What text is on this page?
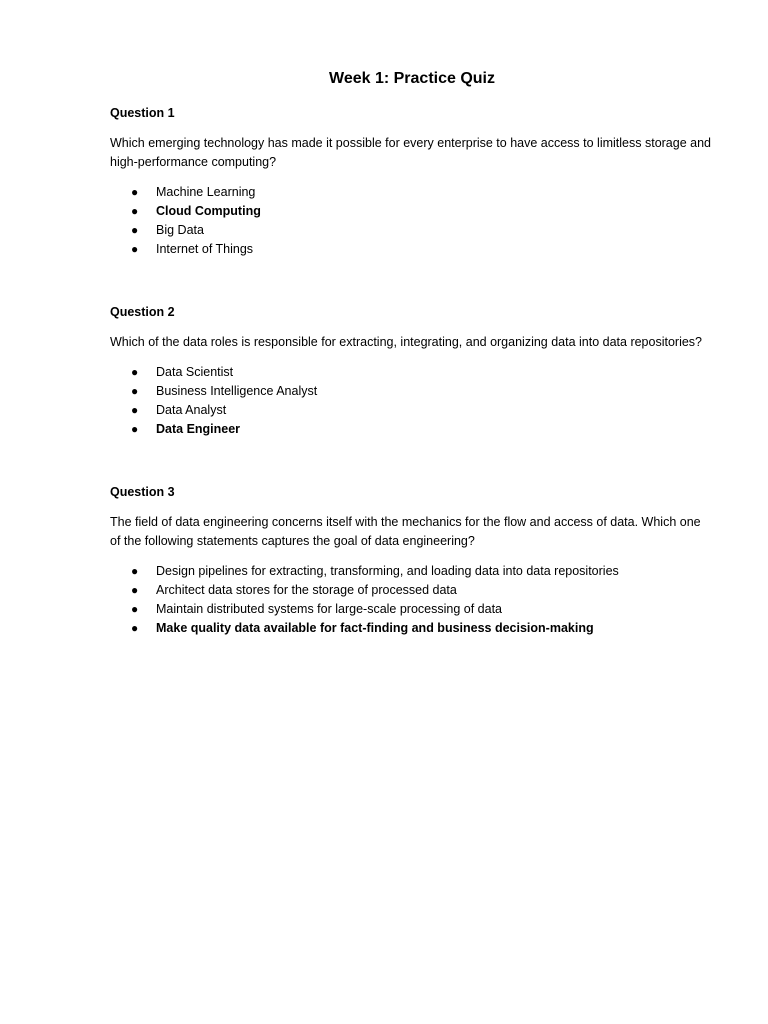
Week 1: Practice Quiz

Question 1

Which emerging technology has made it possible for every enterprise to have access to limitless storage and high-performance computing?

● Machine Learning
● Cloud Computing
● Big Data
● Internet of Things

Question 2

Which of the data roles is responsible for extracting, integrating, and organizing data into data repositories?

● Data Scientist
● Business Intelligence Analyst
● Data Analyst
● Data Engineer

Question 3

The field of data engineering concerns itself with the mechanics for the flow and access of data. Which one of the following statements captures the goal of data engineering?

● Design pipelines for extracting, transforming, and loading data into data repositories
● Architect data stores for the storage of processed data
● Maintain distributed systems for large-scale processing of data
● Make quality data available for fact-finding and business decision-making
